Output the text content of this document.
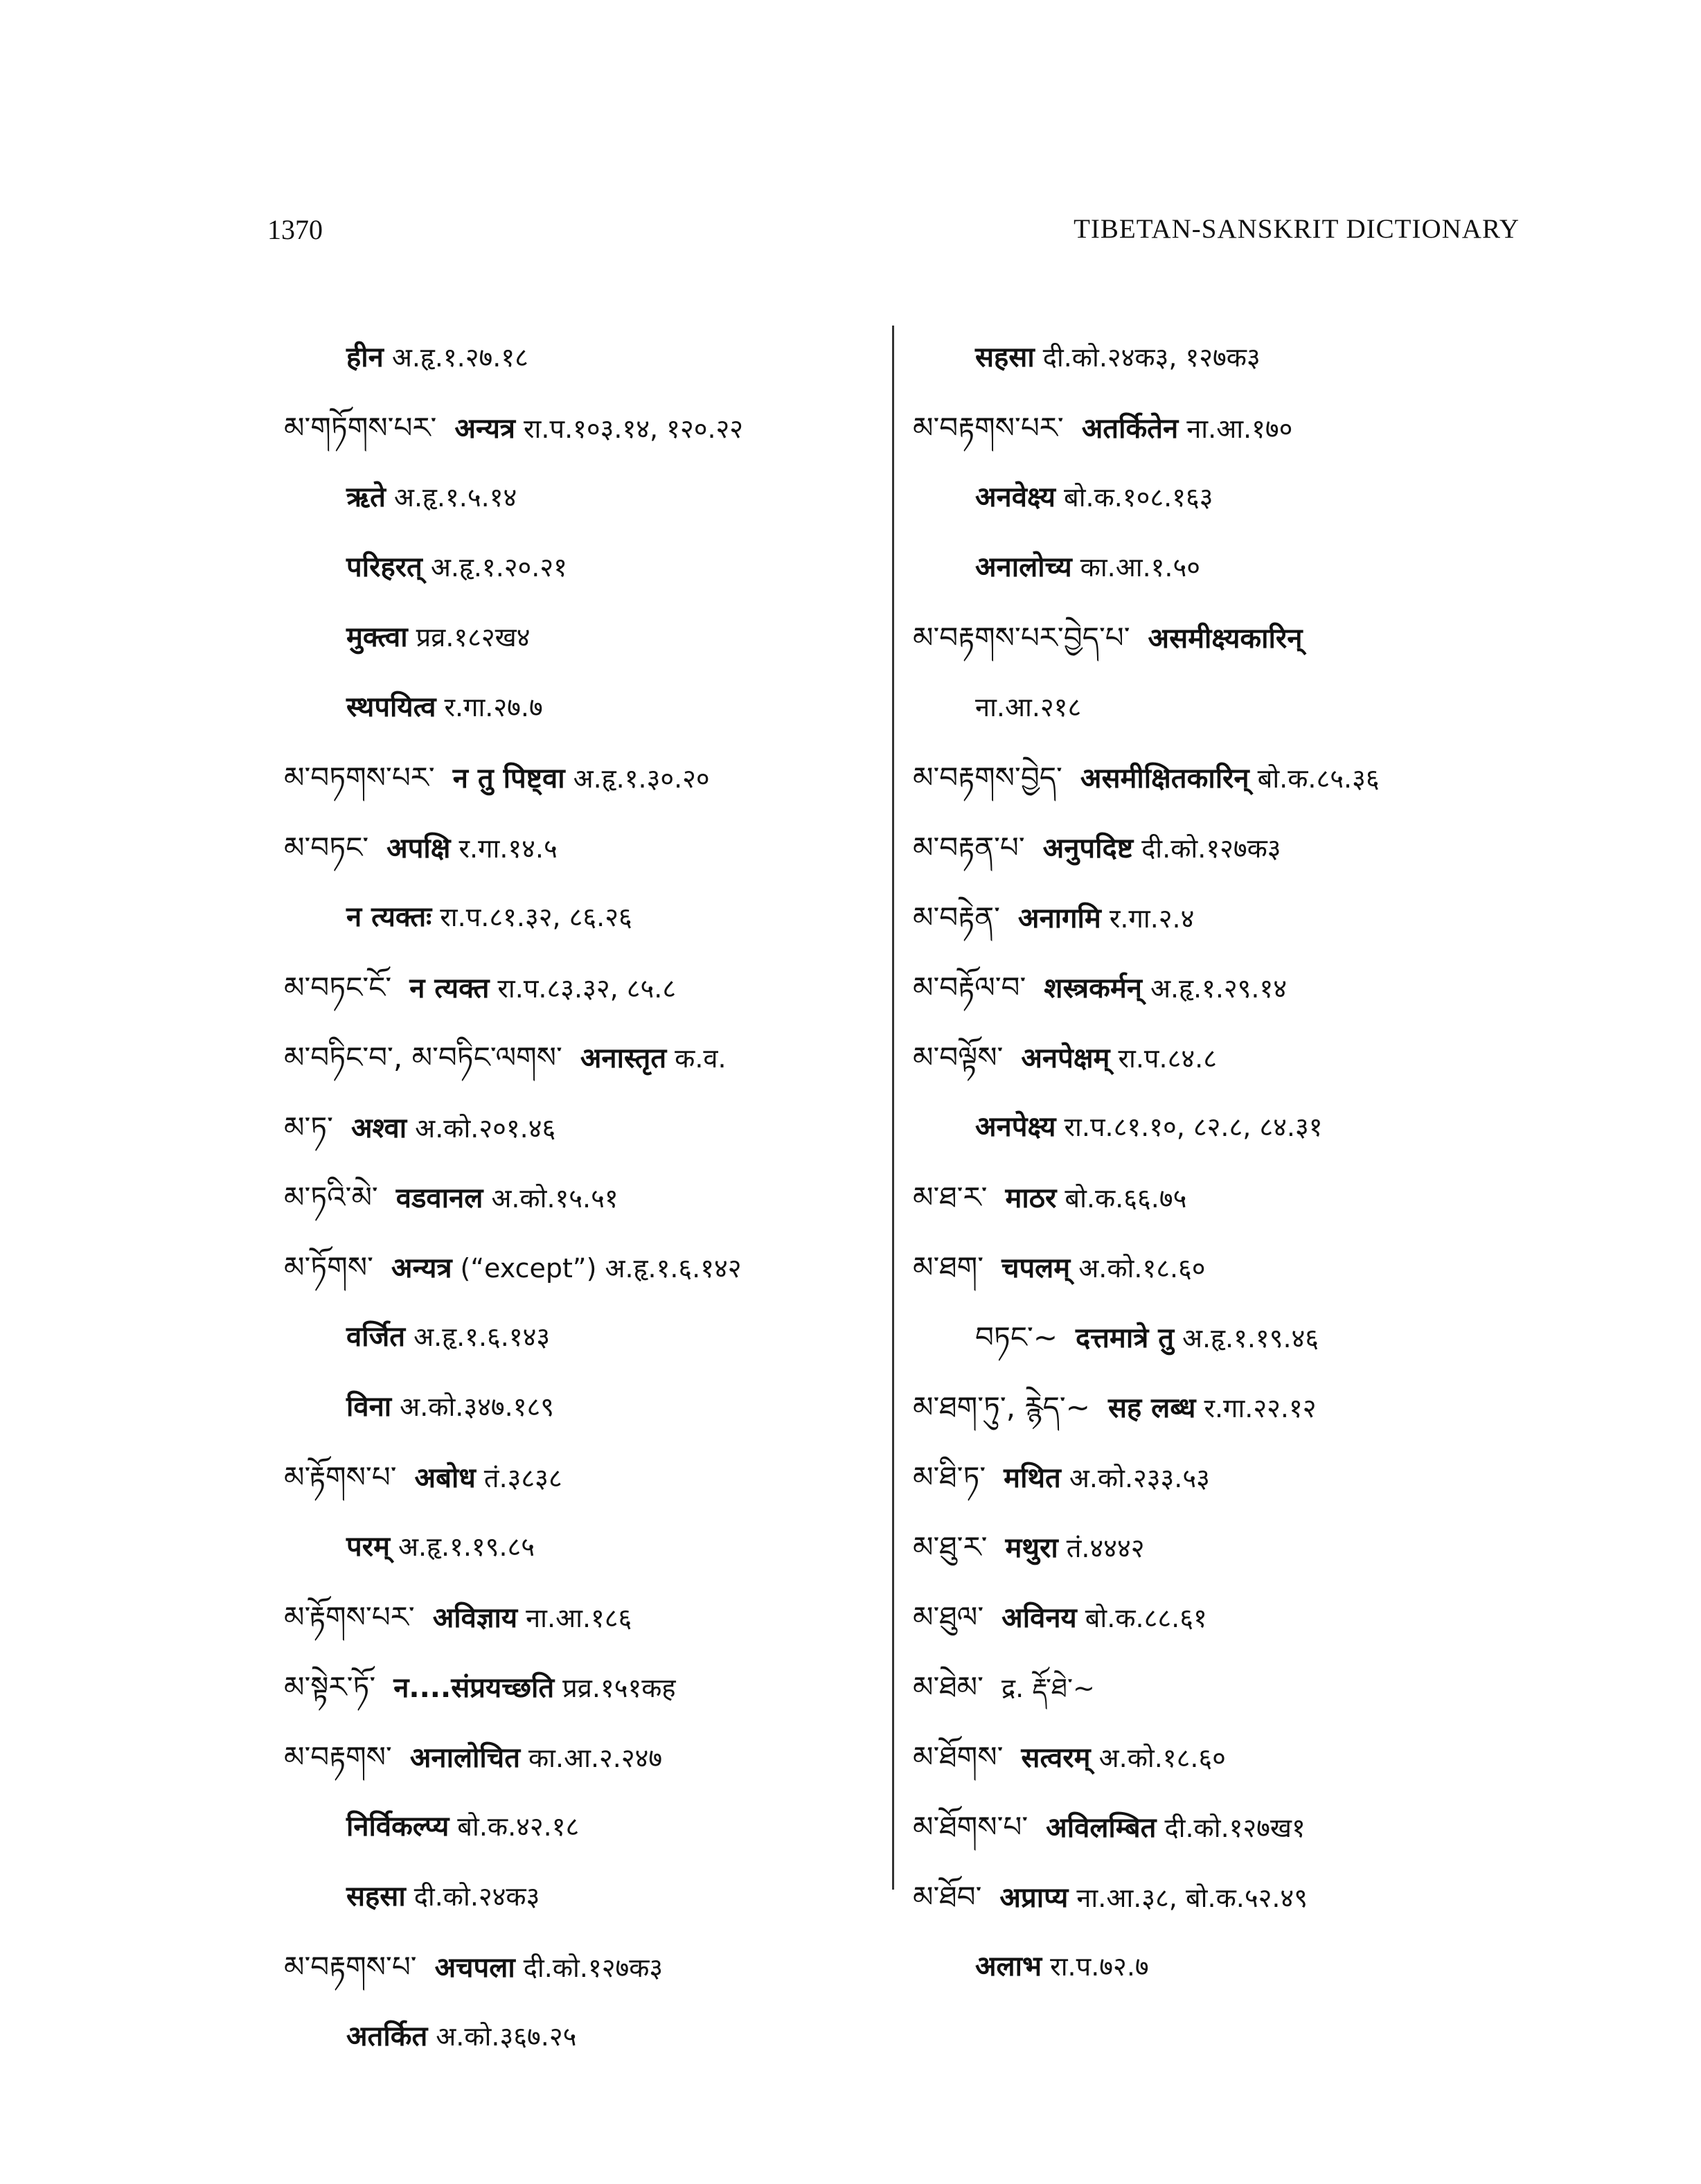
1370	TIBETAN-SANSKRIT DICTIONARY
हीन अ.हृ.१.२७.१८
མ་གཏོགས་པར་ अन्यत्र रा.प.१०३.१४, १२०.२२
ऋते अ.हृ.१.५.१४
परिहरत् अ.हृ.१.२०.२१
मुक्त्वा प्रव्र.१८२ख४
स्थपयित्व र.गा.२७.७
མ་བཏགས་པར་ न तु पिष्ट्वा अ.हृ.१.३०.२०
མ་བཏང་ अपक्षि र.गा.१४.५
न त्यक्तः रा.प.८१.३२, ८६.२६
མ་བཏང་ངོ་ न त्यक्त रा.प.८३.३२, ८५.८
མ་བཏིང་བ་, མ་བཏིང་ལགས་ अनास्तृत क.व.
མ་ཏ་ अश्वा अ.को.२०१.४६
མ་ཏའི་མེ་ वडवानल अ.को.१५.५१
མ་ཏོགས་ अन्यत्र (“except”) अ.हृ.१.६.१४२
वर्जित अ.हृ.१.६.१४३
विना अ.को.३४७.१८९
མ་རྟོགས་པ་ अबोध तं.३८३८
परम् अ.हृ.१.१९.८५
མ་རྟོགས་པར་ अविज्ञाय ना.आ.१८६
མ་སྟེར་ཏོ་ न....संप्रयच्छति प्रव्र.१५१कह
མ་བརྟགས་ अनालोचित का.आ.२.२४७
निर्विकल्प्य बो.क.४२.१८
सहसा दी.को.२४क३
མ་བརྟགས་པ་ अचपला दी.को.१२७क३
अतर्कित अ.को.३६७.२५
सहसा दी.को.२४क३, १२७क३
མ་བརྟགས་པར་ अतर्कितेन ना.आ.१७०
अनवेक्ष्य बो.क.१०८.१६३
अनालोच्य का.आ.१.५०
མ་བརྟགས་པར་བྱེད་པ་ असमीक्ष्यकारिन्
ना.आ.२१८
མ་བརྟགས་བྱེད་ असमीक्षितकारिन् बो.क.८५.३६
མ་བརྟན་པ་ अनुपदिष्ट दी.को.१२७क३
མ་བརྟེན་ अनागमि र.गा.२.४
མ་བརྟོལ་བ་ शस्त्रकर्मन् अ.हृ.१.२९.१४
མ་བལྟོས་ अनपेक्षम् रा.प.८४.८
अनपेक्ष्य रा.प.८१.१०, ८२.८, ८४.३१
མ་ཐ་ར་ माठर बो.क.६६.७५
མ་ཐག་ चपलम् अ.को.१८.६०
བཏང་~ दत्तमात्रे तु अ.हृ.१.१९.४६
མ་ཐག་ཏུ་, རྙེད་~ सह लब्ध र.गा.२२.१२
མ་ཐི་ཏ་ मथित अ.को.२३३.५३
མ་ཐུ་ར་ मथुरा तं.४४४२
མ་ཐུལ་ अविनय बो.क.८८.६१
མ་ཐེམ་ द्र. རྡོ་ཐེ་~
མ་ཐོགས་ सत्वरम् अ.को.१८.६०
མ་ཐོགས་པ་ अविलम्बित दी.को.१२७ख१
མ་ཐོབ་ अप्राप्य ना.आ.३८, बो.क.५२.४९
अलाभ रा.प.७२.७
